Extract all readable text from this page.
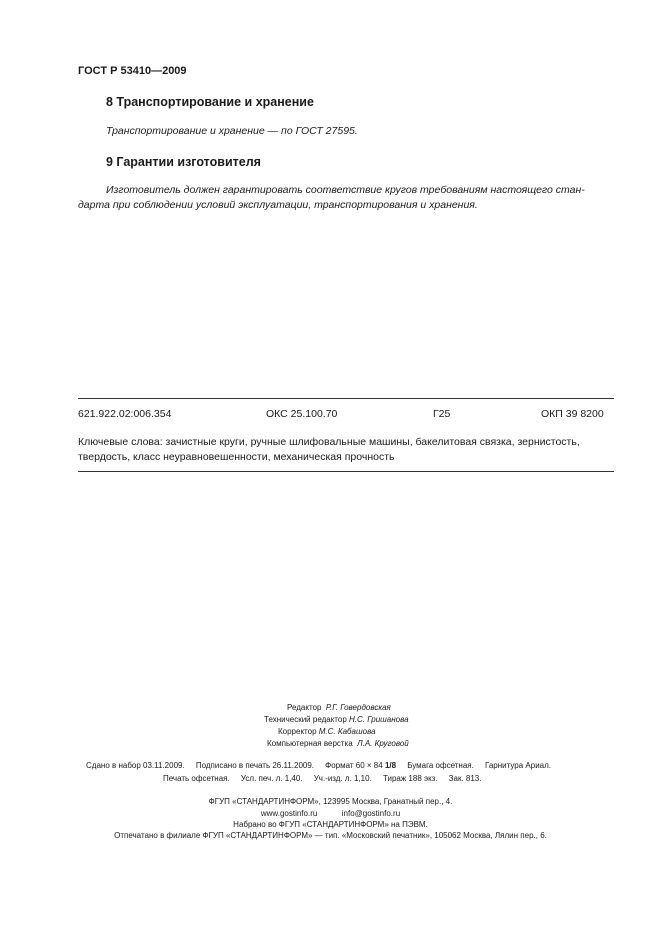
ГОСТ Р 53410—2009
8 Транспортирование и хранение
Транспортирование и хранение — по ГОСТ 27595.
9 Гарантии изготовителя
Изготовитель должен гарантировать соответствие кругов требованиям настоящего стан-
дарта при соблюдении условий эксплуатации, транспортирования и хранения.
621.922.02:006.354	ОКС 25.100.70	Г25	ОКП 39 8200
Ключевые слова: зачистные круги, ручные шлифовальные машины, бакелитовая связка, зернистость,
твердость, класс неуравновешенности, механическая прочность
Редактор Р.Г. Говердовская
Технический редактор Н.С. Гришанова
Корректор М.С. Кабашова
Компьютерная верстка Л.А. Круговой
Сдано в набор 03.11.2009. Подписано в печать 26.11.2009. Формат 60 × 84 1/8 Бумага офсетная. Гарнитура Ариал.
Печать офсетная. Усл. печ. л. 1,40. Уч.-изд. л. 1,10. Тираж 188 экз. Зак. 813.
ФГУП «СТАНДАРТИНФОРМ», 123995 Москва, Гранатный пер., 4.
www.gostinfo.ru	info@gostinfo.ru
Набрано во ФГУП «СТАНДАРТИНФОРМ» на ПЭВМ.
Отпечатано в филиале ФГУП «СТАНДАРТИНФОРМ» — тип. «Московский печатник», 105062 Москва, Лялин пер., 6.
